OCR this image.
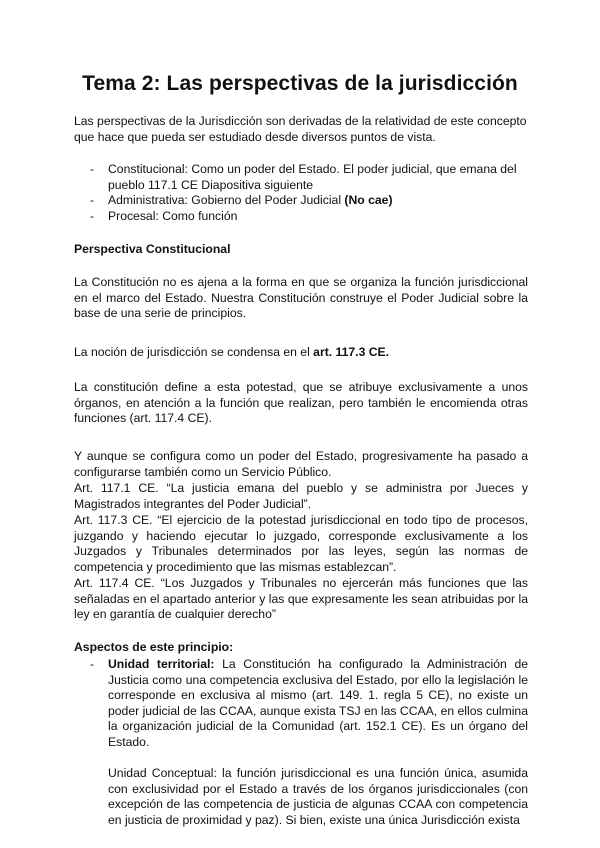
Tema 2: Las perspectivas de la jurisdicción

Las perspectivas de la Jurisdicción son derivadas de la relatividad de este concepto que hace que pueda ser estudiado desde diversos puntos de vista.

- Constitucional: Como un poder del Estado. El poder judicial, que emana del pueblo 117.1 CE Diapositiva siguiente
- Administrativa: Gobierno del Poder Judicial (No cae)
- Procesal: Como función
Perspectiva Constitucional

La Constitución no es ajena a la forma en que se organiza la función jurisdiccional en el marco del Estado. Nuestra Constitución construye el Poder Judicial sobre la base de una serie de principios.

La noción de jurisdicción se condensa en el art. 117.3 CE.

La constitución define a esta potestad, que se atribuye exclusivamente a unos órganos, en atención a la función que realizan, pero también le encomienda otras funciones (art. 117.4 CE).

Y aunque se configura como un poder del Estado, progresivamente ha pasado a configurarse también como un Servicio Público.

Art. 117.1 CE. “La justicia emana del pueblo y se administra por Jueces y Magistrados integrantes del Poder Judicial”.

Art. 117.3 CE. “El ejercicio de la potestad jurisdiccional en todo tipo de procesos, juzgando y haciendo ejecutar lo juzgado, corresponde exclusivamente a los Juzgados y Tribunales determinados por las leyes, según las normas de competencia y procedimiento que las mismas establezcan”.

Art. 117.4 CE. “Los Juzgados y Tribunales no ejercerán más funciones que las señaladas en el apartado anterior y las que expresamente les sean atribuidas por la ley en garantía de cualquier derecho”

Aspectos de este principio:
- Unidad territorial: La Constitución ha configurado la Administración de Justicia como una competencia exclusiva del Estado, por ello la legislación le corresponde en exclusiva al mismo (art. 149. 1. regla 5 CE), no existe un poder judicial de las CCAA, aunque exista TSJ en las CCAA, en ellos culmina la organización judicial de la Comunidad (art. 152.1 CE). Es un órgano del Estado.

Unidad Conceptual: la función jurisdiccional es una función única, asumida con exclusividad por el Estado a través de los órganos jurisdiccionales (con excepción de las competencia de justicia de algunas CCAA con competencia en justicia de proximidad y paz). Si bien, existe una única Jurisdicción exista
